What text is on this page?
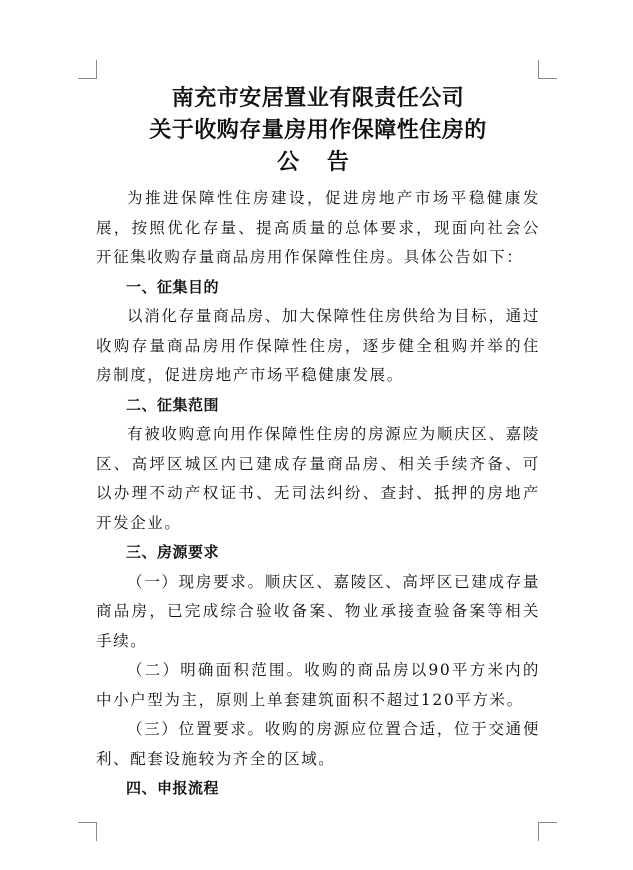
南充市安居置业有限责任公司
关于收购存量房用作保障性住房的
公 告

为推进保障性住房建设，促进房地产市场平稳健康发展，按照优化存量、提高质量的总体要求，现面向社会公开征集收购存量商品房用作保障性住房。具体公告如下：

一、征集目的

以消化存量商品房、加大保障性住房供给为目标，通过收购存量商品房用作保障性住房，逐步健全租购并举的住房制度，促进房地产市场平稳健康发展。

二、征集范围

有被收购意向用作保障性住房的房源应为顺庆区、嘉陵区、高坪区城区内已建成存量商品房、相关手续齐备、可以办理不动产权证书、无司法纠纷、查封、抵押的房地产开发企业。

三、房源要求

（一）现房要求。顺庆区、嘉陵区、高坪区已建成存量商品房，已完成综合验收备案、物业承接查验备案等相关手续。

（二）明确面积范围。收购的商品房以90平方米内的中小户型为主，原则上单套建筑面积不超过120平方米。

（三）位置要求。收购的房源应位置合适，位于交通便利、配套设施较为齐全的区域。

四、申报流程
